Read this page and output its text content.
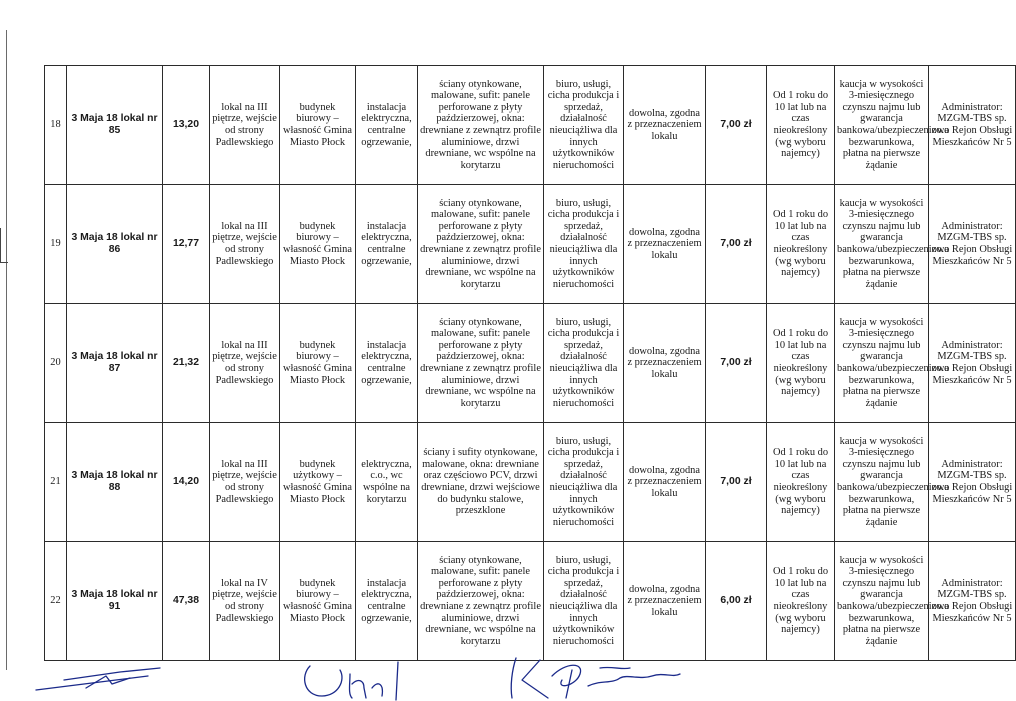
18	3 Maja 18 lokal nr 85	13,20	lokal na III piętrze, wejście od strony Padlewskiego	budynek biurowy – własność Gmina Miasto Płock	instalacja elektryczna, centralne ogrzewanie,	ściany otynkowane, malowane, sufit: panele perforowane z płyty paździerzowej, okna: drewniane z zewnątrz profile aluminiowe, drzwi drewniane, wc wspólne na korytarzu	biuro, usługi, cicha produkcja i sprzedaż, działalność nieuciążliwa dla innych użytkowników nieruchomości	dowolna, zgodna z przeznaczeniem lokalu	7,00 zł	Od 1 roku do 10 lat lub na czas nieokreślony (wg wyboru najemcy)	kaucja w wysokości 3-miesięcznego czynszu najmu lub gwarancja bankowa/ubezpieczeniowa bezwarunkowa, płatna na pierwsze żądanie	Administrator: MZGM-TBS sp. zo.o Rejon Obsługi Mieszkańców Nr 5
19	3 Maja 18 lokal nr 86	12,77	lokal na III piętrze, wejście od strony Padlewskiego	budynek biurowy – własność Gmina Miasto Płock	instalacja elektryczna, centralne ogrzewanie,	ściany otynkowane, malowane, sufit: panele perforowane z płyty paździerzowej, okna: drewniane z zewnątrz profile aluminiowe, drzwi drewniane, wc wspólne na korytarzu	biuro, usługi, cicha produkcja i sprzedaż, działalność nieuciążliwa dla innych użytkowników nieruchomości	dowolna, zgodna z przeznaczeniem lokalu	7,00 zł	Od 1 roku do 10 lat lub na czas nieokreślony (wg wyboru najemcy)	kaucja w wysokości 3-miesięcznego czynszu najmu lub gwarancja bankowa/ubezpieczeniowa bezwarunkowa, płatna na pierwsze żądanie	Administrator: MZGM-TBS sp. zo.o Rejon Obsługi Mieszkańców Nr 5
20	3 Maja 18 lokal nr 87	21,32	lokal na III piętrze, wejście od strony Padlewskiego	budynek biurowy – własność Gmina Miasto Płock	instalacja elektryczna, centralne ogrzewanie,	ściany otynkowane, malowane, sufit: panele perforowane z płyty paździerzowej, okna: drewniane z zewnątrz profile aluminiowe, drzwi drewniane, wc wspólne na korytarzu	biuro, usługi, cicha produkcja i sprzedaż, działalność nieuciążliwa dla innych użytkowników nieruchomości	dowolna, zgodna z przeznaczeniem lokalu	7,00 zł	Od 1 roku do 10 lat lub na czas nieokreślony (wg wyboru najemcy)	kaucja w wysokości 3-miesięcznego czynszu najmu lub gwarancja bankowa/ubezpieczeniowa bezwarunkowa, płatna na pierwsze żądanie	Administrator: MZGM-TBS sp. zo.o Rejon Obsługi Mieszkańców Nr 5
21	3 Maja 18 lokal nr 88	14,20	lokal na III piętrze, wejście od strony Padlewskiego	budynek użytkowy – własność Gmina Miasto Płock	elektryczna, c.o., wc wspólne na korytarzu	ściany i sufity otynkowane, malowane, okna: drewniane oraz częściowo PCV, drzwi drewniane, drzwi wejściowe do budynku stalowe, przeszklone	biuro, usługi, cicha produkcja i sprzedaż, działalność nieuciążliwa dla innych użytkowników nieruchomości	dowolna, zgodna z przeznaczeniem lokalu	7,00 zł	Od 1 roku do 10 lat lub na czas nieokreślony (wg wyboru najemcy)	kaucja w wysokości 3-miesięcznego czynszu najmu lub gwarancja bankowa/ubezpieczeniowa bezwarunkowa, płatna na pierwsze żądanie	Administrator: MZGM-TBS sp. zo.o Rejon Obsługi Mieszkańców Nr 5
22	3 Maja 18 lokal nr 91	47,38	lokal na IV piętrze, wejście od strony Padlewskiego	budynek biurowy – własność Gmina Miasto Płock	instalacja elektryczna, centralne ogrzewanie,	ściany otynkowane, malowane, sufit: panele perforowane z płyty paździerzowej, okna: drewniane z zewnątrz profile aluminiowe, drzwi drewniane, wc wspólne na korytarzu	biuro, usługi, cicha produkcja i sprzedaż, działalność nieuciążliwa dla innych użytkowników nieruchomości	dowolna, zgodna z przeznaczeniem lokalu	6,00 zł	Od 1 roku do 10 lat lub na czas nieokreślony (wg wyboru najemcy)	kaucja w wysokości 3-miesięcznego czynszu najmu lub gwarancja bankowa/ubezpieczeniowa bezwarunkowa, płatna na pierwsze żądanie	Administrator: MZGM-TBS sp. zo.o Rejon Obsługi Mieszkańców Nr 5
